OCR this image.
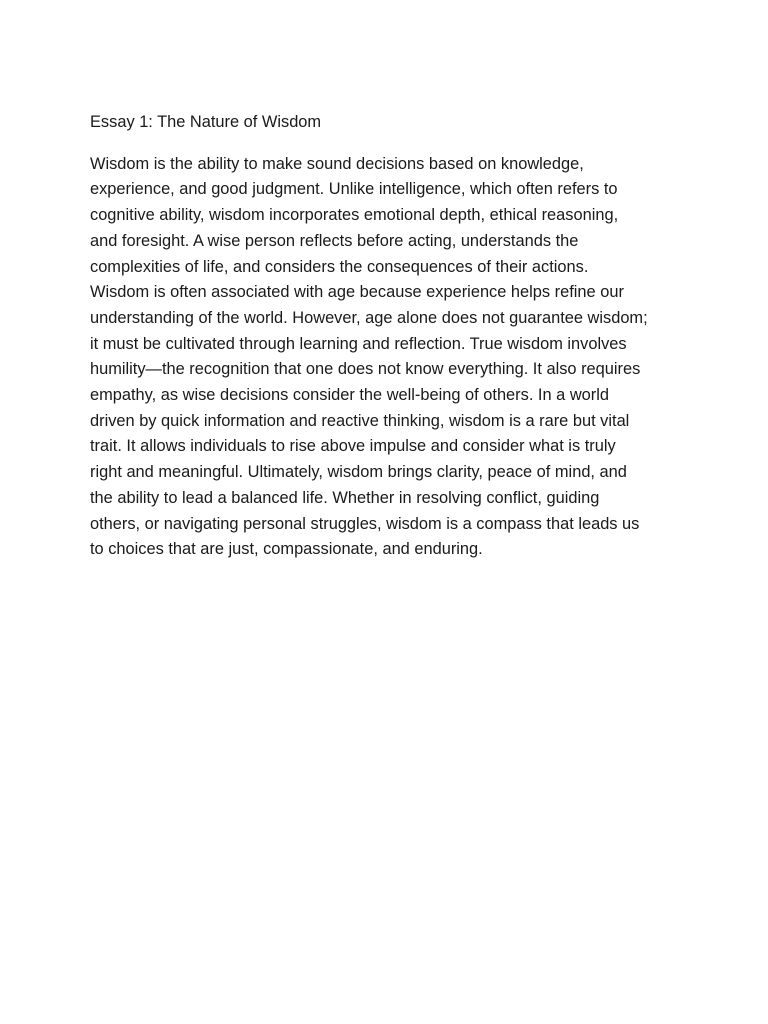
Essay 1: The Nature of Wisdom
Wisdom is the ability to make sound decisions based on knowledge,
experience, and good judgment. Unlike intelligence, which often refers to
cognitive ability, wisdom incorporates emotional depth, ethical reasoning,
and foresight. A wise person reflects before acting, understands the
complexities of life, and considers the consequences of their actions.
Wisdom is often associated with age because experience helps refine our
understanding of the world. However, age alone does not guarantee wisdom;
it must be cultivated through learning and reflection. True wisdom involves
humility—the recognition that one does not know everything. It also requires
empathy, as wise decisions consider the well-being of others. In a world
driven by quick information and reactive thinking, wisdom is a rare but vital
trait. It allows individuals to rise above impulse and consider what is truly
right and meaningful. Ultimately, wisdom brings clarity, peace of mind, and
the ability to lead a balanced life. Whether in resolving conflict, guiding
others, or navigating personal struggles, wisdom is a compass that leads us
to choices that are just, compassionate, and enduring.
